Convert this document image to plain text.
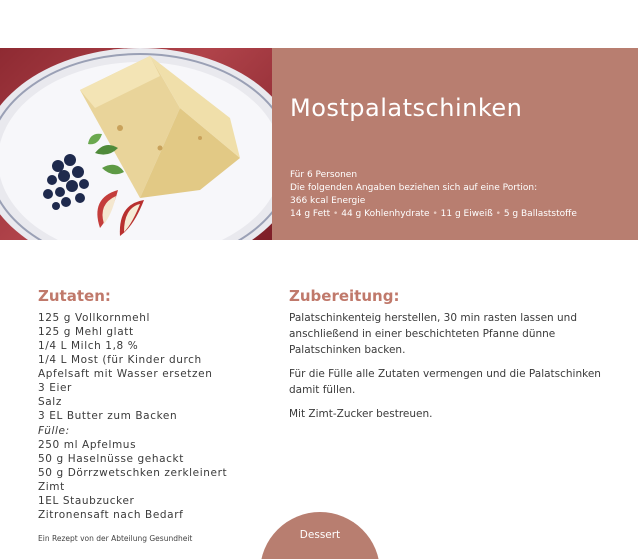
Mostpalatschinken
Für 6 Personen
Die folgenden Angaben beziehen sich auf eine Portion:
366 kcal Energie
14 g Fett • 44 g Kohlenhydrate • 11 g Eiweiß • 5 g Ballaststoffe
Zutaten:
125 g Vollkornmehl
125 g Mehl glatt
1/4 L Milch 1,8 %
1/4 L Most (für Kinder durch
Apfelsaft mit Wasser ersetzen
3 Eier
Salz
3 EL Butter zum Backen
Fülle:
250 ml Apfelmus
50 g Haselnüsse gehackt
50 g Dörrzwetschken zerkleinert
Zimt
1EL Staubzucker
Zitronensaft nach Bedarf
Zubereitung:

Palatschinkenteig herstellen, 30 min rasten lassen und anschließend in einer beschichteten Pfanne dünne Palatschinken backen.

Für die Fülle alle Zutaten vermengen und die Palatschinken damit füllen.

Mit Zimt-Zucker bestreuen.

Ein Rezept von der Abteilung Gesundheit	Dessert
